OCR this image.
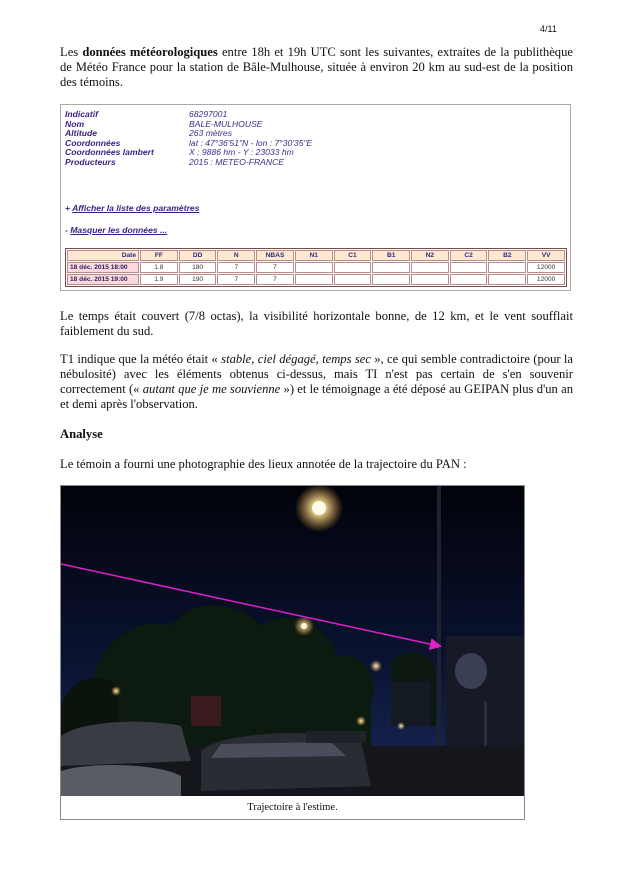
4/11

Les données météorologiques entre 18h et 19h UTC sont les suivantes, extraites de la publithèque de Météo France pour la station de Bâle-Mulhouse, située à environ 20 km au sud-est de la position des témoins.

Indicatif	68297001
Nom	BALE-MULHOUSE
Altitude	263 mètres
Coordonnées	lat : 47°36'51"N - lon : 7°30'35"E
Coordonnées lambert	X : 9886 hm - Y : 23033 hm
Producteurs	2015 : METEO-FRANCE
+ Afficher la liste des paramètres
- Masquer les données ...
Date	FF	DD	N	NBAS	N1	C1	B1	N2	C2	B2	VV
18 déc. 2015 18:00	1.8	180	7	7							12000
18 déc. 2015 19:00	1.9	190	7	7							12000

Le temps était couvert (7/8 octas), la visibilité horizontale bonne, de 12 km, et le vent soufflait faiblement du sud.

T1 indique que la météo était « stable, ciel dégagé, temps sec », ce qui semble contradictoire (pour la nébulosité) avec les éléments obtenus ci-dessus, mais TI n'est pas certain de s'en souvenir correctement (« autant que je me souvienne ») et le témoignage a été déposé au GEIPAN plus d'un an et demi après l'observation.

Analyse

Le témoin a fourni une photographie des lieux annotée de la trajectoire du PAN :

Trajectoire à l'estime.
